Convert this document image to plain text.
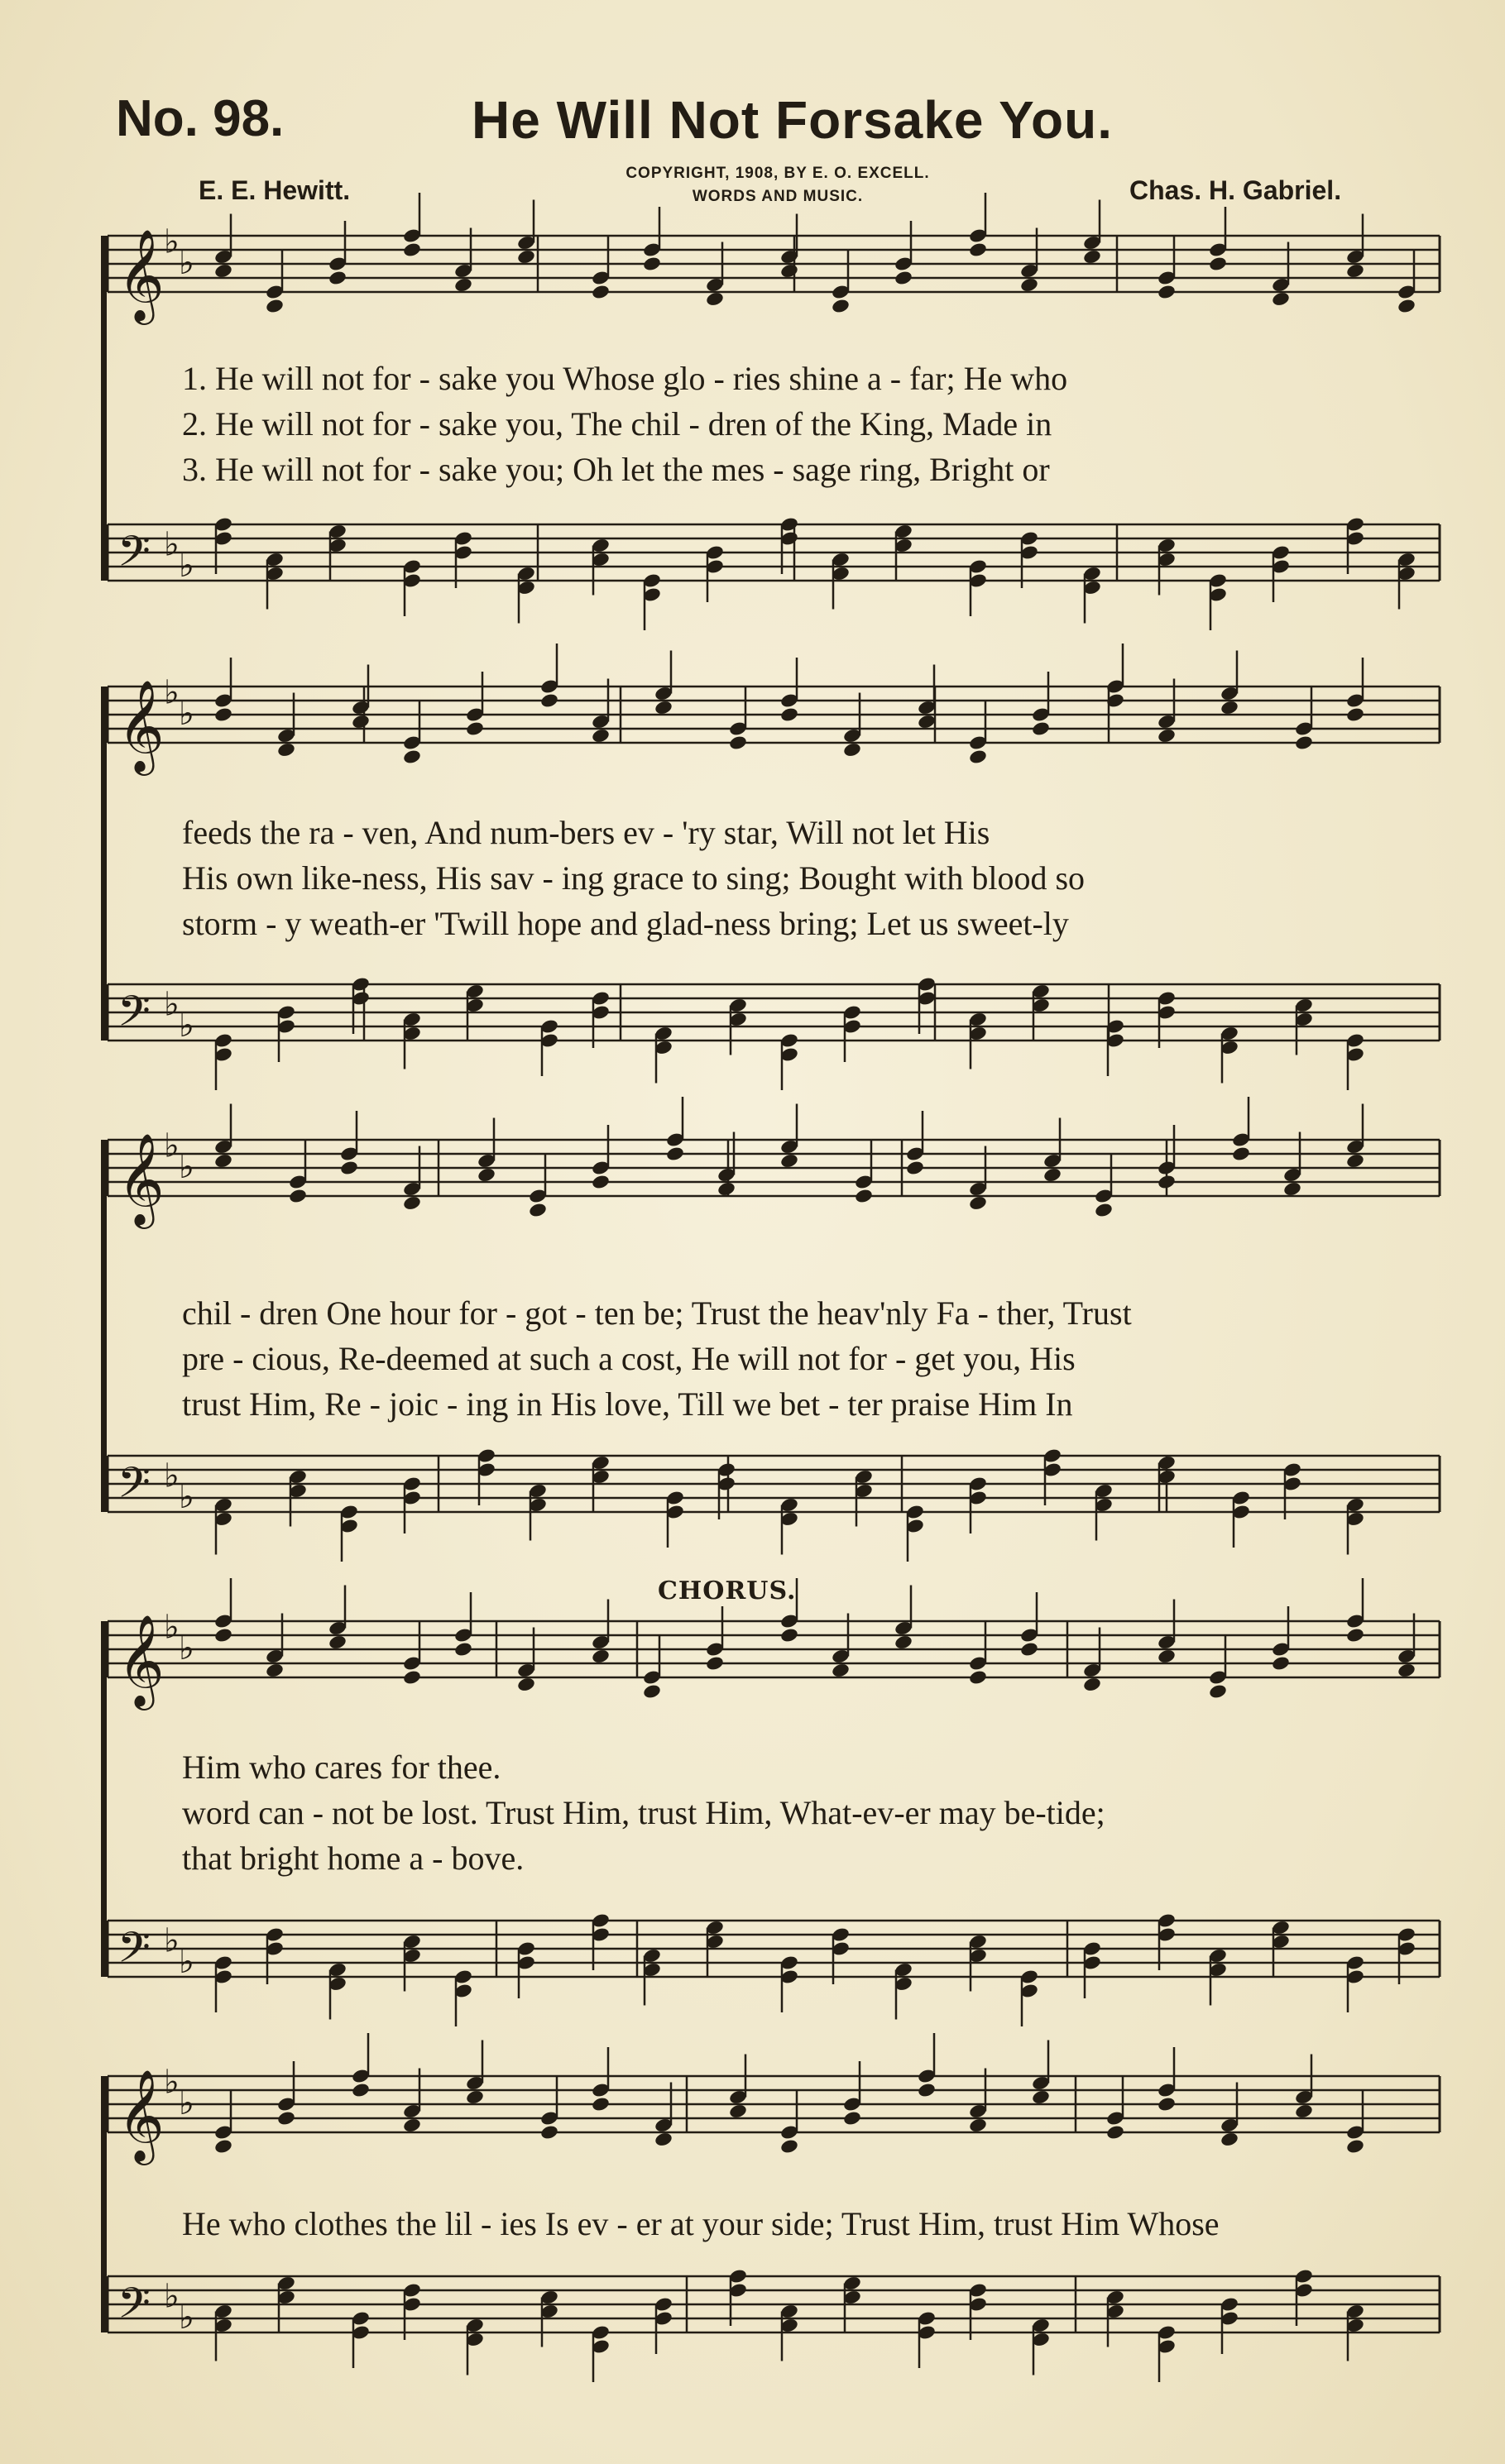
No. 98.	He Will Not Forsake You.
E. E. Hewitt.
COPYRIGHT, 1908, BY E. O. EXCELL.
WORDS AND MUSIC.	Chas. H. Gabriel.
𝄞 ♭
♭
𝄢 ♭
♭
𝄞 ♭
♭
𝄢 ♭
♭
𝄞 ♭
♭
𝄢 ♭
♭
𝄞 ♭
♭
𝄢 ♭
♭
𝄞 ♭
♭
𝄢 ♭
♭
1. He will not for - sake you Whose glo - ries shine a - far; He who
2. He will not for - sake you, The chil - dren of the King, Made in
3. He will not for - sake you; Oh let the mes - sage ring, Bright or
feeds the ra - ven, And num-bers ev - 'ry star, Will not let His
His own like-ness, His sav - ing grace to sing; Bought with blood so
storm - y weath-er 'Twill hope and glad-ness bring; Let us sweet-ly
chil - dren One hour for - got - ten be; Trust the heav'nly Fa - ther, Trust
pre - cious, Re-deemed at such a cost, He will not for - get you, His
trust Him, Re - joic - ing in His love, Till we bet - ter praise Him In
CHORUS.
Him who cares for thee.
word can - not be lost. Trust Him, trust Him, What-ev-er may be-tide;
that bright home a - bove.
He who clothes the lil - ies Is ev - er at your side; Trust Him, trust Him Whose
